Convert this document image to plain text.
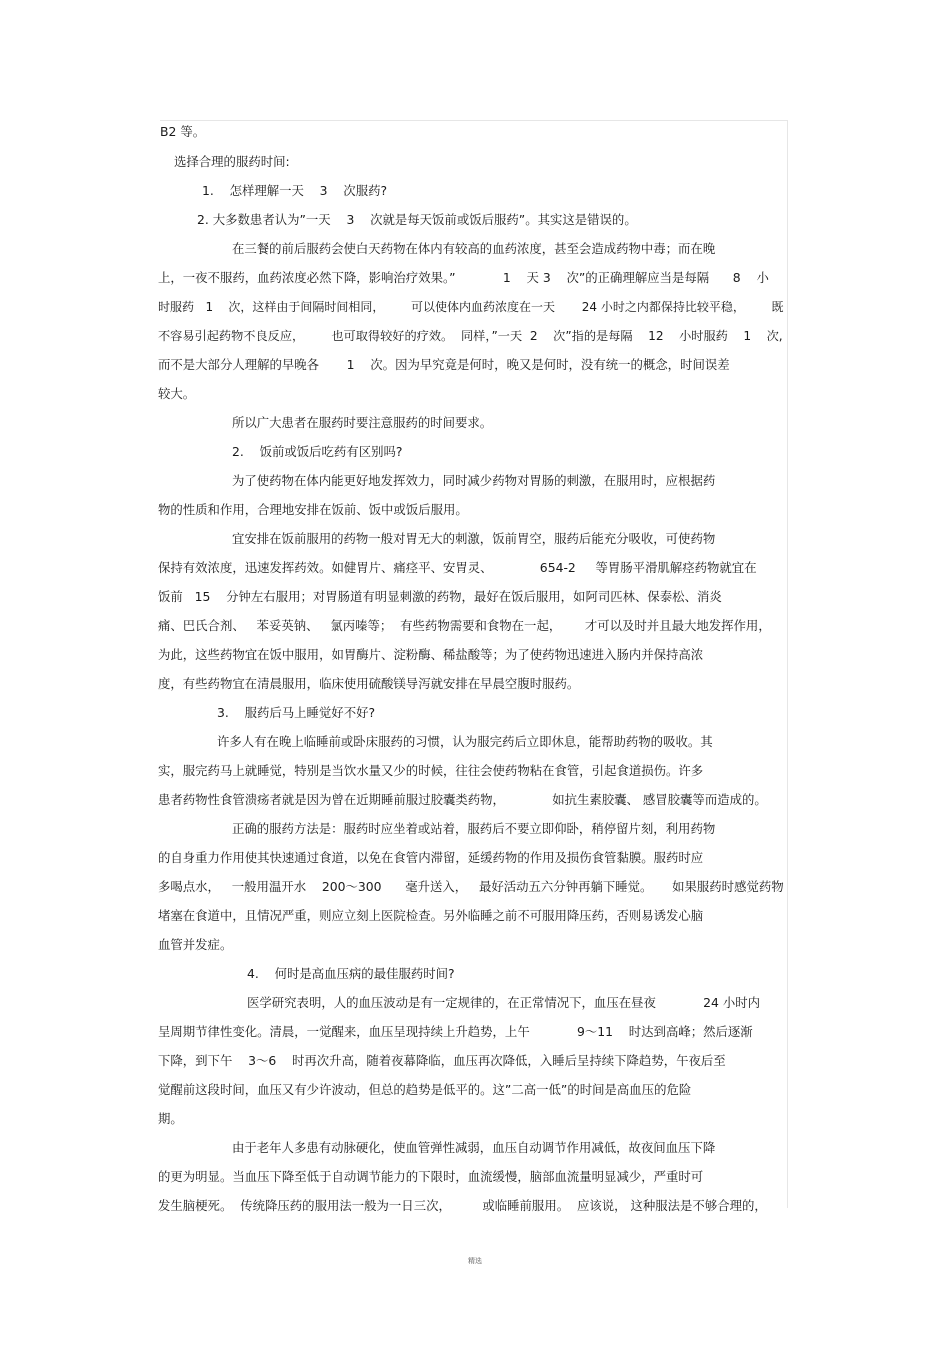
B2 等。
选择合理的服药时间:
1.    怎样理解一天    3    次服药?
2. 大多数患者认为”一天    3    次就是每天饭前或饭后服药”。其实这是错误的。
在三餐的前后服药会使白天药物在体内有较高的血药浓度，甚至会造成药物中毒；而在晚
上，一夜不服药，血药浓度必然下降，影响治疗效果。”            1    天 3    次”的正确理解应当是每隔      8    小
时服药   1    次，这样由于间隔时间相同，       可以使体内血药浓度在一天       24 小时之内都保持比较平稳，       既
不容易引起药物不良反应，       也可取得较好的疗效。  同样，”一天  2    次”指的是每隔    12    小时服药    1    次,
而不是大部分人理解的早晚各       1    次。因为早究竟是何时，晚又是何时，没有统一的概念，时间误差
较大。
所以广大患者在服药时要注意服药的时间要求。
2.    饭前或饭后吃药有区别吗?
为了使药物在体内能更好地发挥效力，同时减少药物对胃肠的刺激，在服用时，应根据药
物的性质和作用，合理地安排在饭前、饭中或饭后服用。
宜安排在饭前服用的药物一般对胃无大的刺激，饭前胃空，服药后能充分吸收，可使药物
保持有效浓度，迅速发挥药效。如健胃片、痛痉平、安胃灵、            654-2     等胃肠平滑肌解痉药物就宜在
饭前   15    分钟左右服用；对胃肠道有明显刺激的药物，最好在饭后服用，如阿司匹林、保泰松、消炎
痛、巴氏合剂、   苯妥英钠、   氯丙嗪等；  有些药物需要和食物在一起，      才可以及时并且最大地发挥作用，
为此，这些药物宜在饭中服用，如胃酶片、淀粉酶、稀盐酸等；为了使药物迅速进入肠内并保持高浓
度，有些药物宜在清晨服用，临床使用硫酸镁导泻就安排在早晨空腹时服药。
3.    服药后马上睡觉好不好?
许多人有在晚上临睡前或卧床服药的习惯，认为服完药后立即休息，能帮助药物的吸收。其
实，服完药马上就睡觉，特别是当饮水量又少的时候，往往会使药物粘在食管，引起食道损伤。许多
患者药物性食管溃疡者就是因为曾在近期睡前服过胶囊类药物，            如抗生素胶囊、 感冒胶囊等而造成的。
正确的服药方法是：服药时应坐着或站着，服药后不要立即仰卧，稍停留片刻，利用药物
的自身重力作用使其快速通过食道，以免在食管内滞留，延缓药物的作用及损伤食管黏膜。服药时应
多喝点水，   一般用温开水    200～300      毫升送入，   最好活动五六分钟再躺下睡觉。     如果服药时感觉药物
堵塞在食道中，且情况严重，则应立刻上医院检查。另外临睡之前不可服用降压药，否则易诱发心脑
血管并发症。
4.    何时是高血压病的最佳服药时间?
医学研究表明，人的血压波动是有一定规律的，在正常情况下，血压在昼夜            24 小时内
呈周期节律性变化。清晨，一觉醒来，血压呈现持续上升趋势，上午            9～11    时达到高峰；然后逐渐
下降，到下午    3～6    时再次升高，随着夜幕降临，血压再次降低，入睡后呈持续下降趋势，午夜后至
觉醒前这段时间，血压又有少许波动，但总的趋势是低平的。这”二高一低”的时间是高血压的危险
期。
由于老年人多患有动脉硬化，使血管弹性减弱，血压自动调节作用减低，故夜间血压下降
的更为明显。当血压下降至低于自动调节能力的下限时，血流缓慢，脑部血流量明显减少，严重时可
发生脑梗死。  传统降压药的服用法一般为一日三次，        或临睡前服用。  应该说， 这种服法是不够合理的，
精选
